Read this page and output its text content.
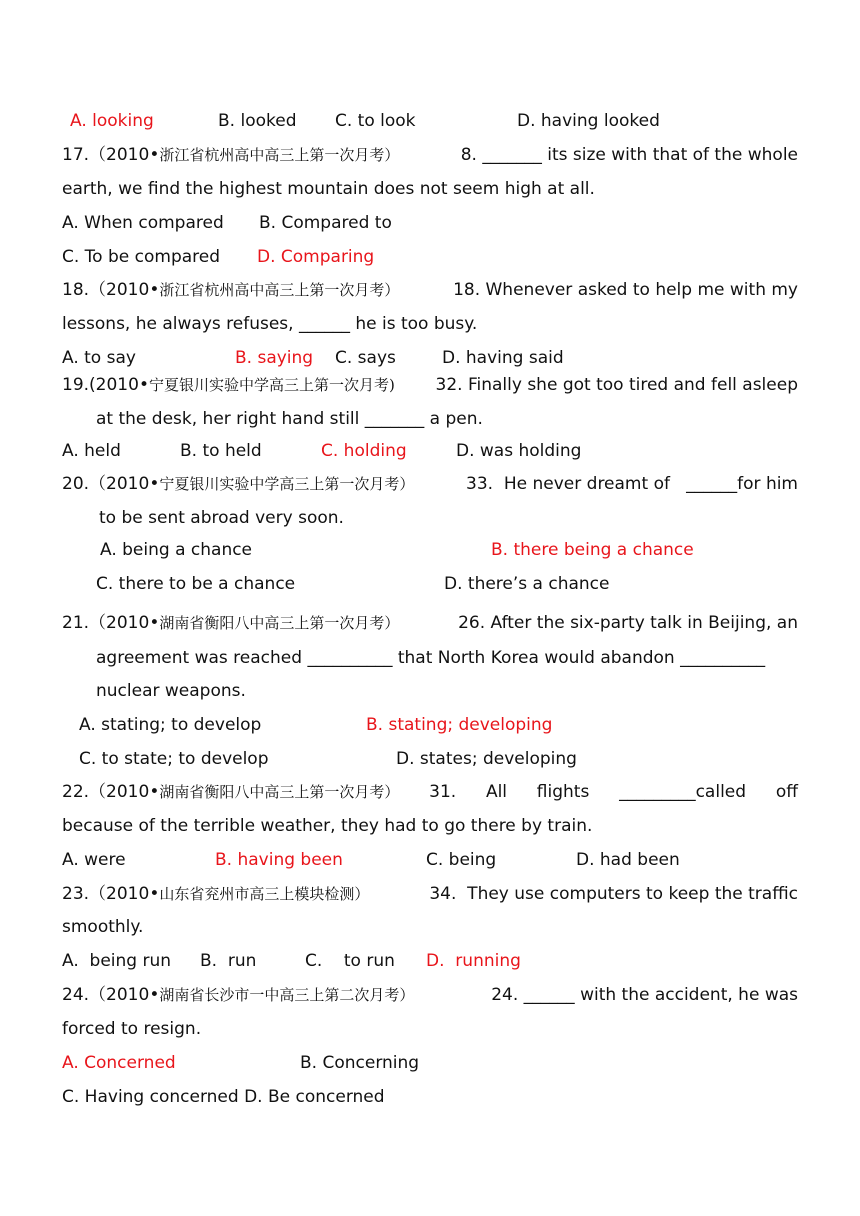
A. looking	B. looked C. to look	D. having looked
17.（2010•浙江省杭州高中高三上第一次月考）	8. _______ its size with that of the whole
earth, we find the highest mountain does not seem high at all.
A. When compared B. Compared to
C. To be compared D. Comparing
18.（2010•浙江省杭州高中高三上第一次月考）	18. Whenever asked to help me with my
lessons, he always refuses, ______ he is too busy.
A. to say	B. saying C. says	D. having said
19.(2010•宁夏银川实验中学高三上第一次月考) 32. Finally she got too tired and fell asleep
at the desk, her right hand still _______ a pen.
A. held	B. to held	C. holding	D. was holding
20.（2010•宁夏银川实验中学高三上第一次月考）	33.  He never dreamt of   ______for him
to be sent abroad very soon.
A. being a chance	B. there being a chance
C. there to be a chance	D. there’s a chance
21.（2010•湖南省衡阳八中高三上第一次月考）	26. After the six-party talk in Beijing, an
agreement was reached __________ that North Korea would abandon __________
nuclear weapons.
A. stating; to develop	B. stating; developing
C. to state; to develop	D. states; developing
22.（2010•湖南省衡阳八中高三上第一次月考） 31. All flights _________called off
because of the terrible weather, they had to go there by train.
A. were	B. having been	C. being	D. had been
23.（2010•山东省兖州市高三上模块检测）	34.  They use computers to keep the traffic
smoothly.
A.  being run B.  run	C.    to run D.  running
24.（2010•湖南省长沙市一中高三上第二次月考）	24. ______ with the accident, he was
forced to resign.
A. Concerned	B. Concerning
C. Having concerned D. Be concerned
